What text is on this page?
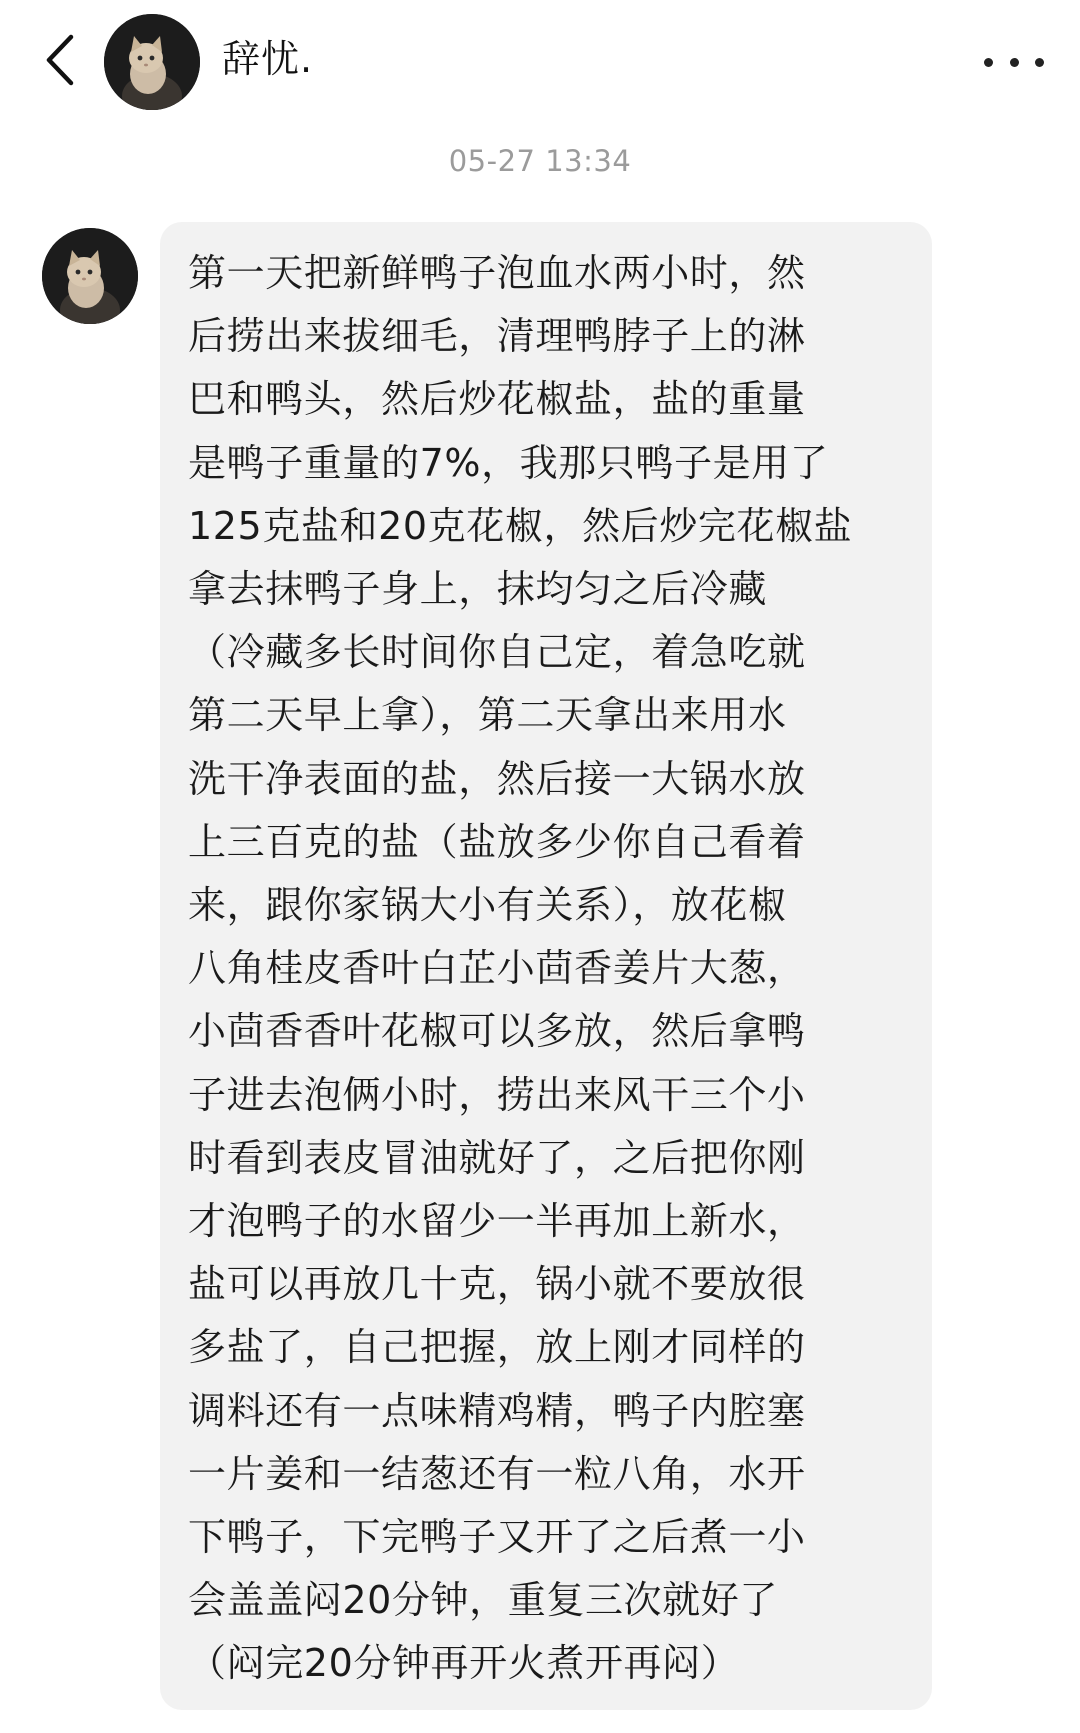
辞忧.
05-27 13:34

第一天把新鲜鸭子泡血水两小时，然
后捞出来拔细毛，清理鸭脖子上的淋
巴和鸭头，然后炒花椒盐，盐的重量
是鸭子重量的7%，我那只鸭子是用了
125克盐和20克花椒，然后炒完花椒盐
拿去抹鸭子身上，抹均匀之后冷藏
（冷藏多长时间你自己定，着急吃就
第二天早上拿），第二天拿出来用水
洗干净表面的盐，然后接一大锅水放
上三百克的盐（盐放多少你自己看着
来，跟你家锅大小有关系），放花椒
八角桂皮香叶白芷小茴香姜片大葱，
小茴香香叶花椒可以多放，然后拿鸭
子进去泡俩小时，捞出来风干三个小
时看到表皮冒油就好了，之后把你刚
才泡鸭子的水留少一半再加上新水，
盐可以再放几十克，锅小就不要放很
多盐了，自己把握，放上刚才同样的
调料还有一点味精鸡精，鸭子内腔塞
一片姜和一结葱还有一粒八角，水开
下鸭子，下完鸭子又开了之后煮一小
会盖盖闷20分钟，重复三次就好了
（闷完20分钟再开火煮开再闷）
